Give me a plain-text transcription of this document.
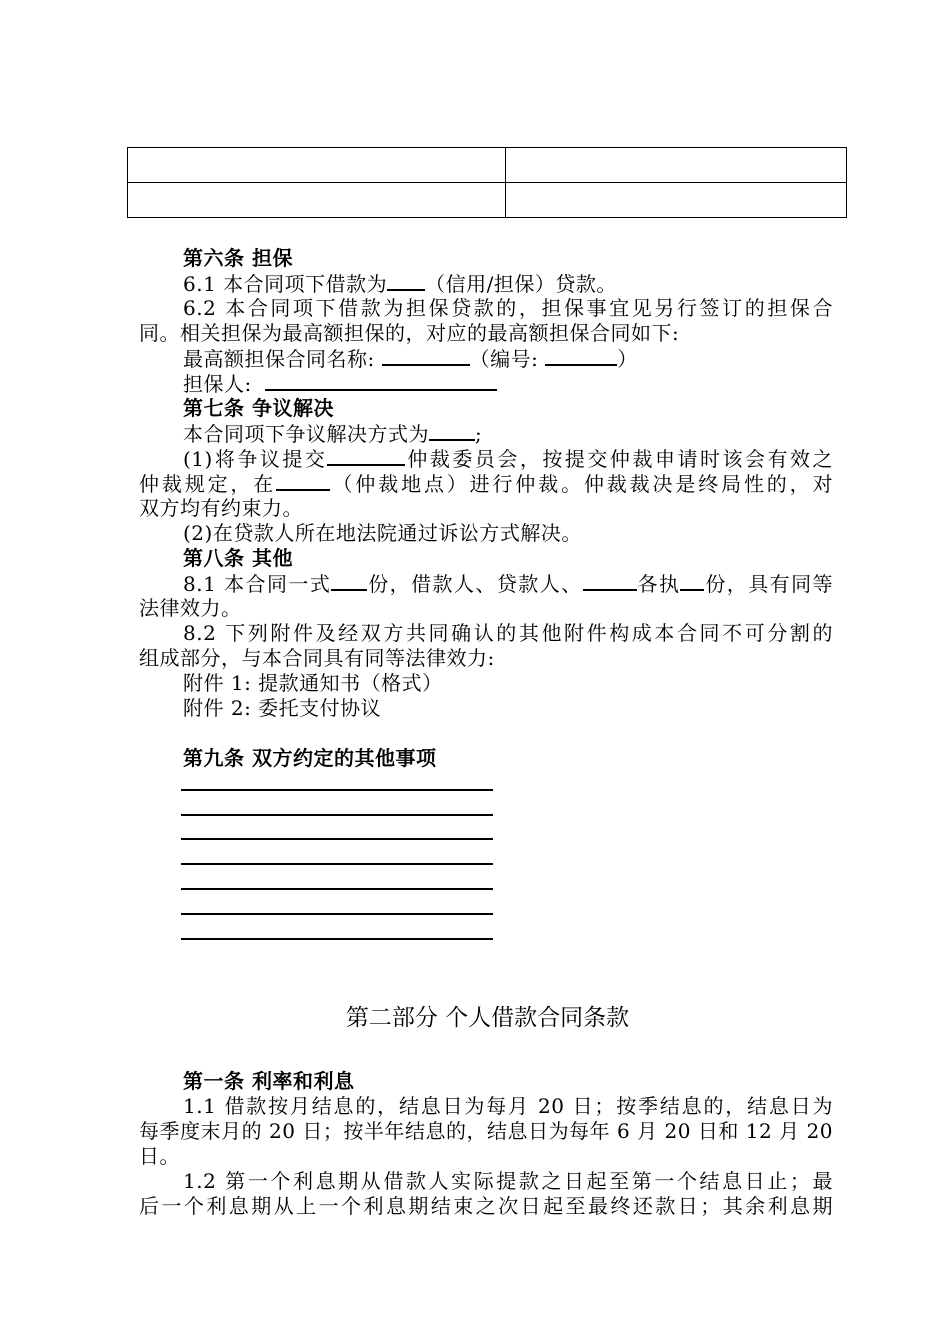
第六条 担保
6.1 本合同项下借款为 （信用/担保）贷款。
6.2 本合同项下借款为担保贷款的，担保事宜见另行签订的担保合
同。相关担保为最高额担保的，对应的最高额担保合同如下:
最高额担保合同名称:	（编号:	）
担保人:
第七条 争议解决
本合同项下争议解决方式为 ;
(1)将争议提交	仲裁委员会，按提交仲裁申请时该会有效之
仲裁规定，在	（仲裁地点）进行仲裁。仲裁裁决是终局性的，对
双方均有约束力。
(2)在贷款人所在地法院通过诉讼方式解决。
第八条 其他
8.1 本合同一式 份，借款人、贷款人、	各执 份，具有同等
法律效力。
8.2 下列附件及经双方共同确认的其他附件构成本合同不可分割的
组成部分，与本合同具有同等法律效力:
附件 1: 提款通知书（格式）
附件 2: 委托支付协议
第九条 双方约定的其他事项
第二部分 个人借款合同条款
第一条 利率和利息
1.1 借款按月结息的，结息日为每月 20 日；按季结息的，结息日为
每季度末月的 20 日；按半年结息的，结息日为每年 6 月 20 日和 12 月 20
日。
1.2 第一个利息期从借款人实际提款之日起至第一个结息日止；最
后一个利息期从上一个利息期结束之次日起至最终还款日；其余利息期
